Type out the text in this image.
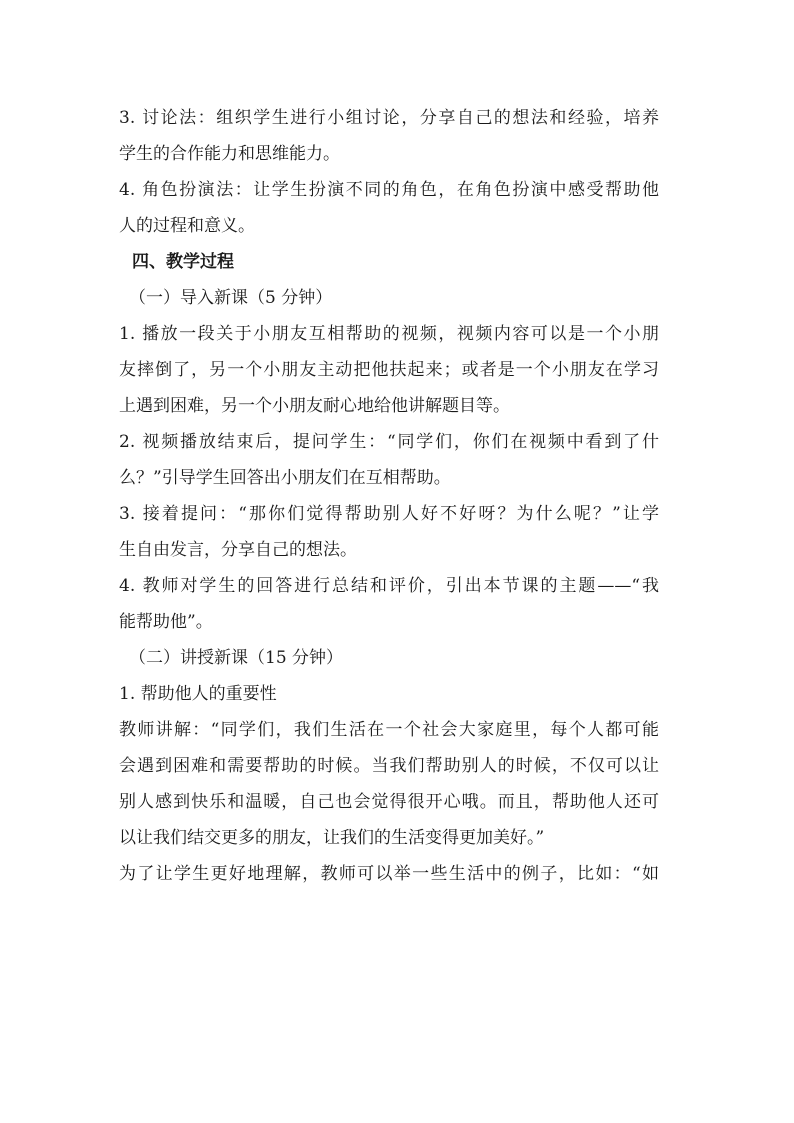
3. 讨论法：组织学生进行小组讨论，分享自己的想法和经验，培养
学生的合作能力和思维能力。
4. 角色扮演法：让学生扮演不同的角色，在角色扮演中感受帮助他
人的过程和意义。
四、教学过程
（一）导入新课（5 分钟）
1. 播放一段关于小朋友互相帮助的视频，视频内容可以是一个小朋
友摔倒了，另一个小朋友主动把他扶起来；或者是一个小朋友在学习
上遇到困难，另一个小朋友耐心地给他讲解题目等。
2. 视频播放结束后，提问学生：“同学们，你们在视频中看到了什
么？”引导学生回答出小朋友们在互相帮助。
3. 接着提问：“那你们觉得帮助别人好不好呀？为什么呢？”让学
生自由发言，分享自己的想法。
4. 教师对学生的回答进行总结和评价，引出本节课的主题——“我
能帮助他”。
（二）讲授新课（15 分钟）
1. 帮助他人的重要性
教师讲解：“同学们，我们生活在一个社会大家庭里，每个人都可能
会遇到困难和需要帮助的时候。当我们帮助别人的时候，不仅可以让
别人感到快乐和温暖，自己也会觉得很开心哦。而且，帮助他人还可
以让我们结交更多的朋友，让我们的生活变得更加美好。”
为了让学生更好地理解，教师可以举一些生活中的例子，比如：“如
